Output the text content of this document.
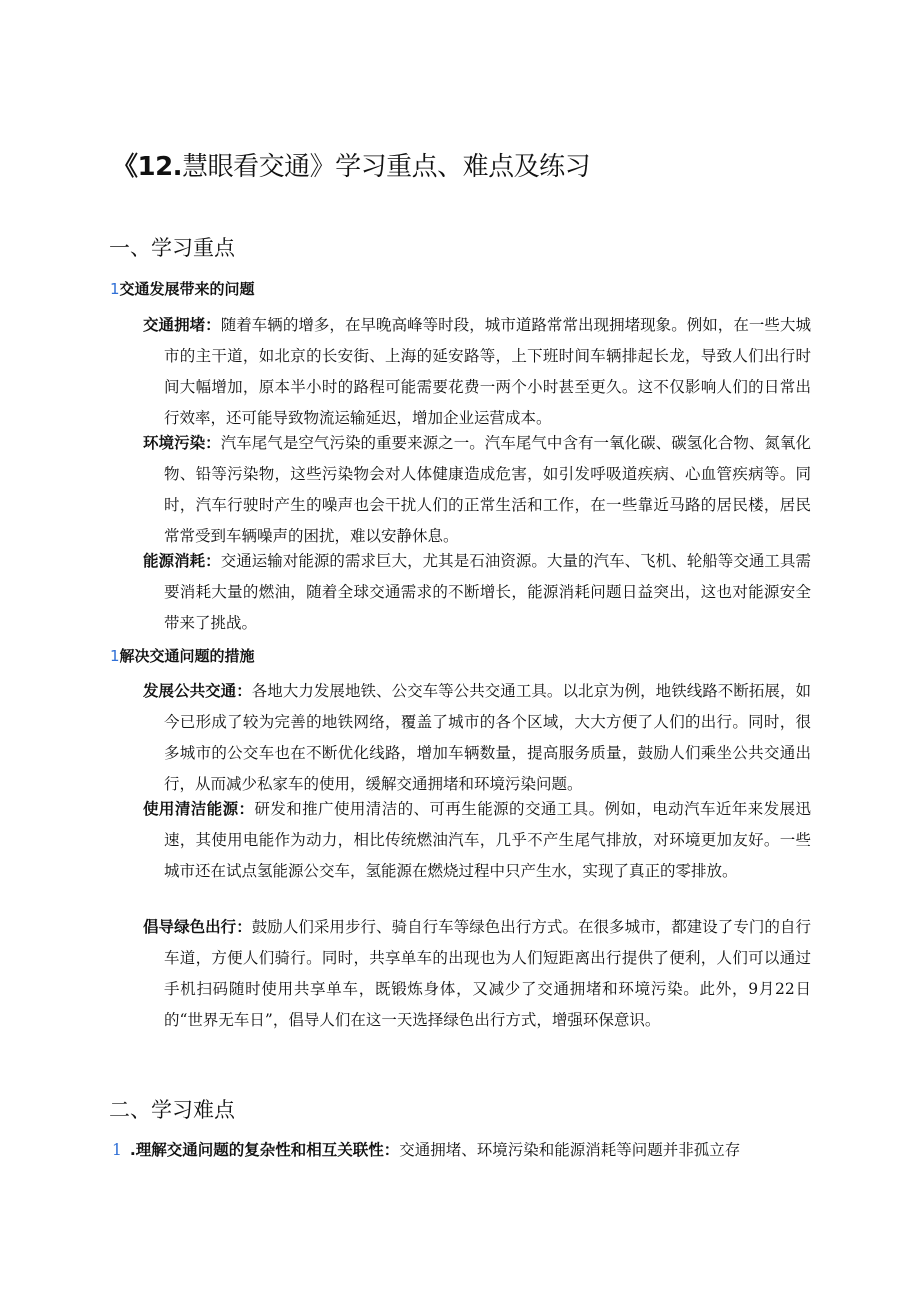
《12.慧眼看交通》学习重点、难点及练习
一、学习重点
1交通发展带来的问题
交通拥堵：随着车辆的增多，在早晚高峰等时段，城市道路常常出现拥堵现象。例如，在一些大城市的主干道，如北京的长安街、上海的延安路等，上下班时间车辆排起长龙，导致人们出行时间大幅增加，原本半小时的路程可能需要花费一两个小时甚至更久。这不仅影响人们的日常出行效率，还可能导致物流运输延迟，增加企业运营成本。
环境污染：汽车尾气是空气污染的重要来源之一。汽车尾气中含有一氧化碳、碳氢化合物、氮氧化物、铅等污染物，这些污染物会对人体健康造成危害，如引发呼吸道疾病、心血管疾病等。同时，汽车行驶时产生的噪声也会干扰人们的正常生活和工作，在一些靠近马路的居民楼，居民常常受到车辆噪声的困扰，难以安静休息。
能源消耗：交通运输对能源的需求巨大，尤其是石油资源。大量的汽车、飞机、轮船等交通工具需要消耗大量的燃油，随着全球交通需求的不断增长，能源消耗问题日益突出，这也对能源安全带来了挑战。
1解决交通问题的措施
发展公共交通：各地大力发展地铁、公交车等公共交通工具。以北京为例，地铁线路不断拓展，如今已形成了较为完善的地铁网络，覆盖了城市的各个区域，大大方便了人们的出行。同时，很多城市的公交车也在不断优化线路，增加车辆数量，提高服务质量，鼓励人们乘坐公共交通出行，从而减少私家车的使用，缓解交通拥堵和环境污染问题。
使用清洁能源：研发和推广使用清洁的、可再生能源的交通工具。例如，电动汽车近年来发展迅速，其使用电能作为动力，相比传统燃油汽车，几乎不产生尾气排放，对环境更加友好。一些城市还在试点氢能源公交车，氢能源在燃烧过程中只产生水，实现了真正的零排放。
倡导绿色出行：鼓励人们采用步行、骑自行车等绿色出行方式。在很多城市，都建设了专门的自行车道，方便人们骑行。同时，共享单车的出现也为人们短距离出行提供了便利，人们可以通过手机扫码随时使用共享单车，既锻炼身体，又减少了交通拥堵和环境污染。此外，9月22日的“世界无车日”，倡导人们在这一天选择绿色出行方式，增强环保意识。
二、学习难点
1 .理解交通问题的复杂性和相互关联性：交通拥堵、环境污染和能源消耗等问题并非孤立存
